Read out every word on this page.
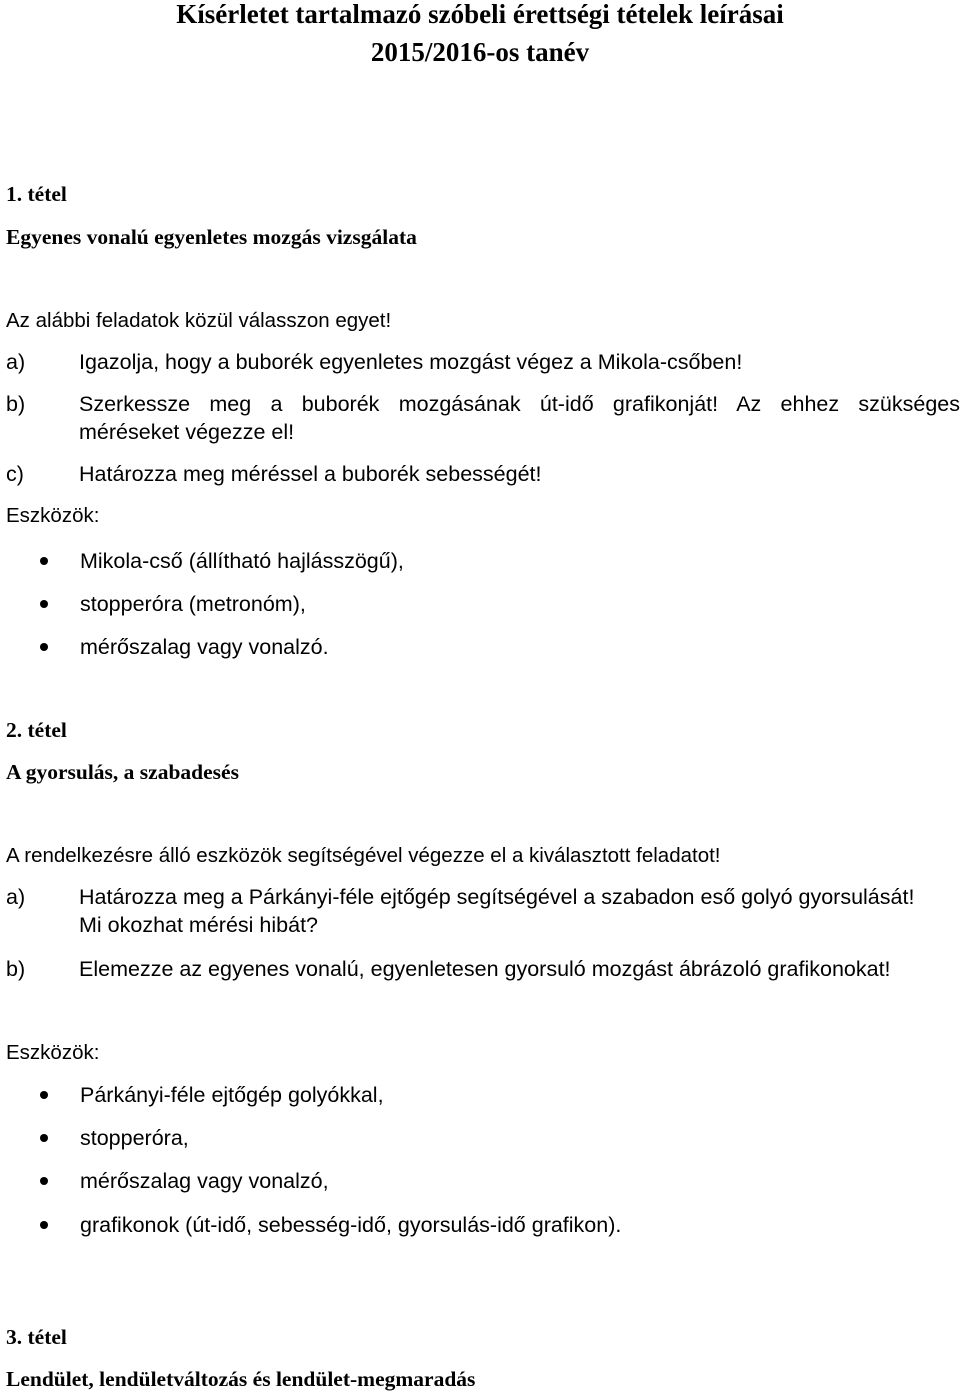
Kísérletet tartalmazó szóbeli érettségi tételek leírásai
2015/2016-os tanév
1. tétel
Egyenes vonalú egyenletes mozgás vizsgálata
Az alábbi feladatok közül válasszon egyet!
a)	Igazolja, hogy a buborék egyenletes mozgást végez a Mikola-csőben!
b)	Szerkessze meg a buborék mozgásának út-idő grafikonját! Az ehhez szükséges
méréseket végezze el!
c)	Határozza meg méréssel a buborék sebességét!
Eszközök:
Mikola-cső (állítható hajlásszögű),
stopperóra (metronóm),
mérőszalag vagy vonalzó.
2. tétel
A gyorsulás, a szabadesés
A rendelkezésre álló eszközök segítségével végezze el a kiválasztott feladatot!
a)	Határozza meg a Párkányi-féle ejtőgép segítségével a szabadon eső golyó gyorsulását!
Mi okozhat mérési hibát?
b)	Elemezze az egyenes vonalú, egyenletesen gyorsuló mozgást ábrázoló grafikonokat!
Eszközök:
Párkányi-féle ejtőgép golyókkal,
stopperóra,
mérőszalag vagy vonalzó,
grafikonok (út-idő, sebesség-idő, gyorsulás-idő grafikon).
3. tétel
Lendület, lendületváltozás és lendület-megmaradás
